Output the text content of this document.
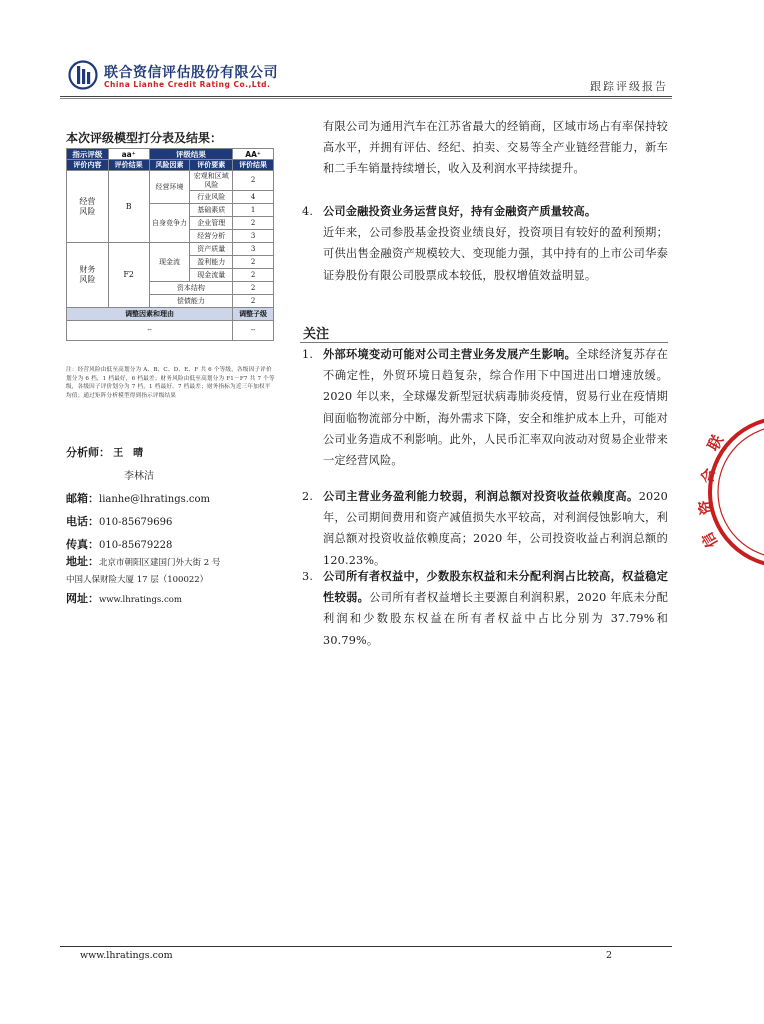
联合资信评估股份有限公司
China Lianhe Credit Rating Co.,Ltd.	跟踪评级报告
本次评级模型打分表及结果：
指示评级	aa⁺	评级结果		AA⁺
评价内容	评价结果	风险因素	评价要素	评价结果
经营
风险	B	经营环境	宏观和区域风险	2
			行业风险	4
		自身竞争力	基础素质	1
			企业管理	2
			经营分析	3
财务
风险	F2	现金流	资产质量	3
			盈利能力	2
			现金流量	2
		资本结构		2
		偿债能力		2
调整因素和理由				调整子级
--				--
注：经营风险由低至高划分为 A、B、C、D、E、F 共 6 个等级，各级因子评价划分为 6 档，1 档最好，6 档最差；财务风险由低至高划分为 F1－F7 共 7 个等级，各级因子评价划分为 7 档，1 档最好，7 档最差；财务指标为近三年加权平均值；通过矩阵分析模型得到指示评级结果
分析师： 王　晴
李林洁
邮箱：lianhe@lhratings.com
电话：010-85679696
传真：010-85679228
地址：北京市朝阳区建国门外大街 2 号
中国人保财险大厦 17 层（100022）
网址：www.lhratings.com
有限公司为通用汽车在江苏省最大的经销商，区域市场占有率保持较高水平，并拥有评估、经纪、拍卖、交易等全产业链经营能力，新车和二手车销量持续增长，收入及利润水平持续提升。
4. 公司金融投资业务运营良好，持有金融资产质量较高。
近年来，公司参股基金投资业绩良好，投资项目有较好的盈利预期；可供出售金融资产规模较大、变现能力强，其中持有的上市公司华泰证券股份有限公司股票成本较低，股权增值效益明显。
关注
1. 外部环境变动可能对公司主营业务发展产生影响。全球经济复苏存在不确定性，外贸环境日趋复杂，综合作用下中国进出口增速放缓。2020 年以来，全球爆发新型冠状病毒肺炎疫情，贸易行业在疫情期间面临物流部分中断，海外需求下降，安全和维护成本上升，可能对公司业务造成不利影响。此外，人民币汇率双向波动对贸易企业带来一定经营风险。
2. 公司主营业务盈利能力较弱，利润总额对投资收益依赖度高。2020 年，公司期间费用和资产减值损失水平较高，对利润侵蚀影响大，利润总额对投资收益依赖度高；2020 年，公司投资收益占利润总额的 120.23%。
3. 公司所有者权益中，少数股东权益和未分配利润占比较高，权益稳定性较弱。公司所有者权益增长主要源自利润积累，2020 年底未分配利润和少数股东权益在所有者权益中占比分别为 37.79%和 30.79%。
联
合
资
信
www.lhratings.com	2
